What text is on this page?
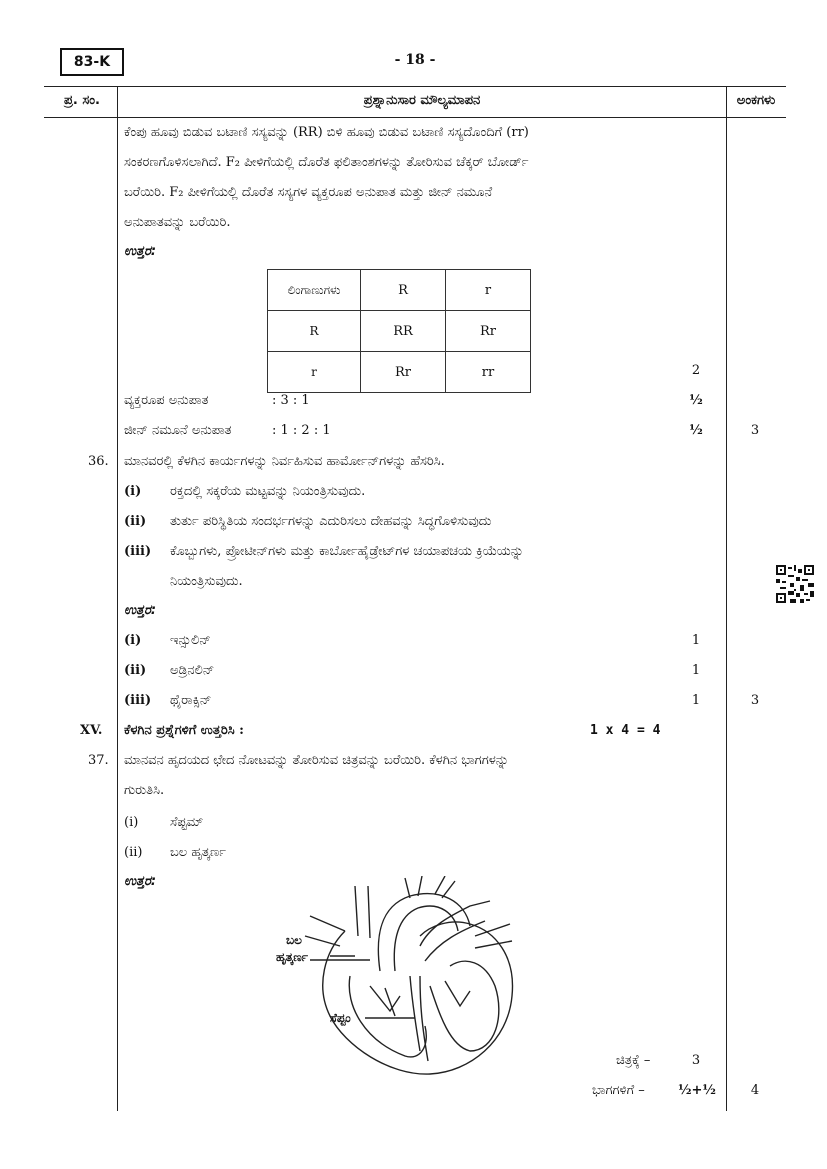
83-K	- 18 -
ಪ್ರ. ಸಂ.	ಪ್ರಶ್ನಾನುಸಾರ ಮೌಲ್ಯಮಾಪನ	ಅಂಕಗಳು
ಕೆಂಪು ಹೂವು ಬಿಡುವ ಬಟಾಣಿ ಸಸ್ಯವನ್ನು (RR) ಬಿಳಿ ಹೂವು ಬಿಡುವ ಬಟಾಣಿ ಸಸ್ಯದೊಂದಿಗೆ (rr)
ಸಂಕರಣಗೊಳಿಸಲಾಗಿದೆ. F₂ ಪೀಳಿಗೆಯಲ್ಲಿ ದೊರೆತ ಫಲಿತಾಂಶಗಳನ್ನು ತೋರಿಸುವ ಚೆಕ್ಕರ್ ಬೋರ್ಡ್
ಬರೆಯಿರಿ. F₂ ಪೀಳಿಗೆಯಲ್ಲಿ ದೊರೆತ ಸಸ್ಯಗಳ ವ್ಯಕ್ತರೂಪ ಅನುಪಾತ ಮತ್ತು ಜೀನ್ ನಮೂನೆ
ಅನುಪಾತವನ್ನು ಬರೆಯಿರಿ.
ಉತ್ತರ:
ಲಿಂಗಾಣುಗಳು	R	r
R	RR	Rr
r	Rr	rr	2
ವ್ಯಕ್ತರೂಪ ಅನುಪಾತ	: 3 : 1	½
ಜೀನ್ ನಮೂನೆ ಅನುಪಾತ	: 1 : 2 : 1	½	3
36. ಮಾನವರಲ್ಲಿ ಕೆಳಗಿನ ಕಾರ್ಯಗಳನ್ನು ನಿರ್ವಹಿಸುವ ಹಾರ್ಮೋನ್‌ಗಳನ್ನು ಹೆಸರಿಸಿ.
(i) ರಕ್ತದಲ್ಲಿ ಸಕ್ಕರೆಯ ಮಟ್ಟವನ್ನು ನಿಯಂತ್ರಿಸುವುದು.
(ii) ತುರ್ತು ಪರಿಸ್ಥಿತಿಯ ಸಂದರ್ಭಗಳನ್ನು ಎದುರಿಸಲು ದೇಹವನ್ನು ಸಿದ್ಧಗೊಳಿಸುವುದು
(iii) ಕೊಬ್ಬುಗಳು, ಪ್ರೋಟೀನ್‌ಗಳು ಮತ್ತು ಕಾರ್ಬೋಹೈಡ್ರೇಟ್‌ಗಳ ಚಯಾಪಚಯ ಕ್ರಿಯೆಯನ್ನು
ನಿಯಂತ್ರಿಸುವುದು.
ಉತ್ತರ:
(i) ಇನ್ಸುಲಿನ್	1
(ii) ಅಡ್ರಿನಲಿನ್	1
(iii) ಥೈರಾಕ್ಸಿನ್	1	3
XV. ಕೆಳಗಿನ ಪ್ರಶ್ನೆಗಳಿಗೆ ಉತ್ತರಿಸಿ :	1 x 4 = 4
37. ಮಾನವನ ಹೃದಯದ ಛೇದ ನೋಟವನ್ನು ತೋರಿಸುವ ಚಿತ್ರವನ್ನು ಬರೆಯಿರಿ. ಕೆಳಗಿನ ಭಾಗಗಳನ್ನು
ಗುರುತಿಸಿ.
(i) ಸೆಪ್ಟಮ್
(ii) ಬಲ ಹೃತ್ಕರ್ಣ
ಉತ್ತರ:
ಬಲ
ಹೃತ್ಕರ್ಣ
ಸೆಪ್ಟಂ
ಚಿತ್ರಕ್ಕೆ –	3
ಭಾಗಗಳಿಗೆ –	½+½	4
